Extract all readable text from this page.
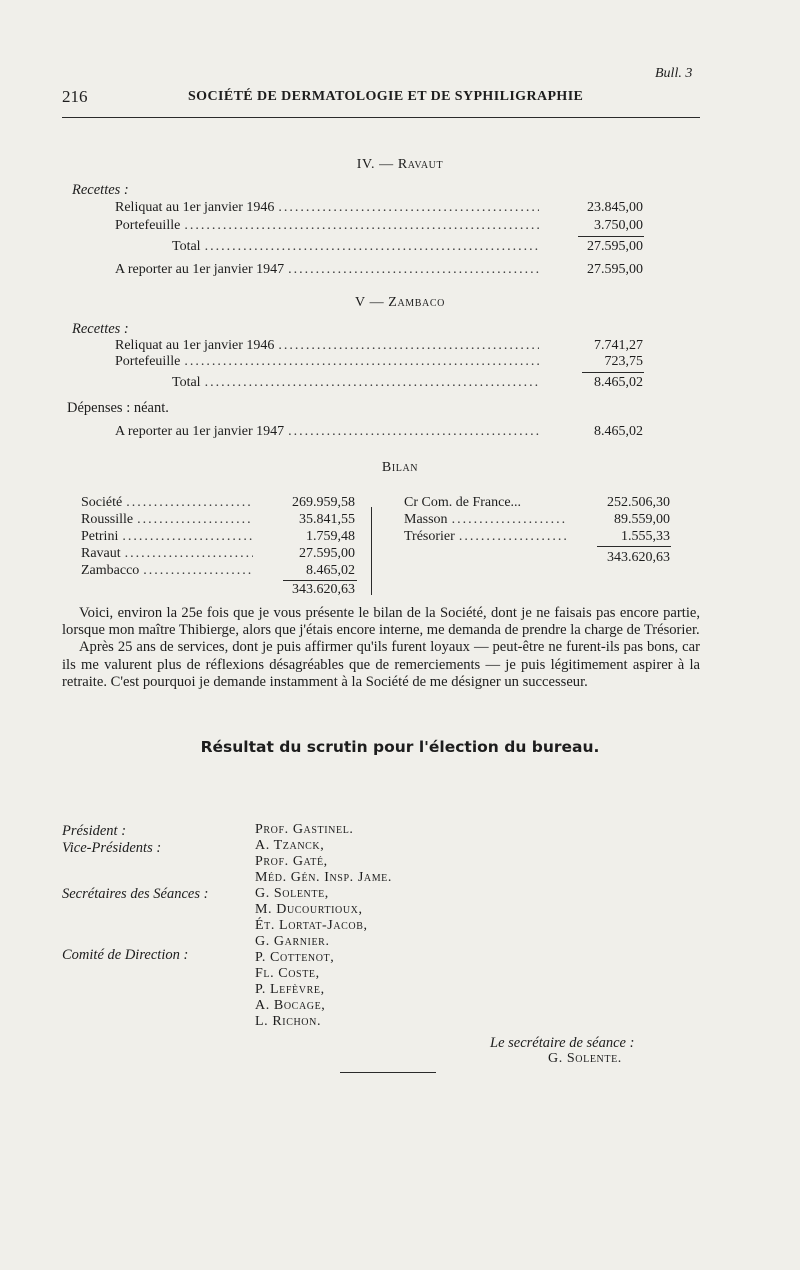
Bull. 3
216	SOCIÉTÉ DE DERMATOLOGIE ET DE SYPHILIGRAPHIE
IV. — Ravaut
Recettes :
Reliquat au 1er janvier 1946 .....	23.845,00
Portefeuille .....	3.750,00
Total .....	27.595,00
A reporter au 1er janvier 1947 .....	27.595,00
V — Zambaco
Recettes :
Reliquat au 1er janvier 1946 .....	7.741,27
Portefeuille .....	723,75
Total .....	8.465,02
Dépenses : néant.
A reporter au 1er janvier 1947 .....	8.465,02
Bilan
Société .....	269.959,58
Roussille .....	35.841,55
Petrini .....	1.759,48
Ravaut .....	27.595,00
Zambacco .....	8.465,02
343.620,63
Cr Com. de France...	252.506,30
Masson .....	89.559,00
Trésorier .....	1.555,33
343.620,63

Voici, environ la 25e fois que je vous présente le bilan de la Société, dont je ne faisais pas encore partie, lorsque mon maître Thibierge, alors que j'étais encore interne, me demanda de prendre la charge de Trésorier.

Après 25 ans de services, dont je puis affirmer qu'ils furent loyaux — peut-être ne furent-ils pas bons, car ils me valurent plus de réflexions désagréables que de remerciements — je puis légitimement aspirer à la retraite. C'est pourquoi je demande instamment à la Société de me désigner un successeur.

Résultat du scrutin pour l'élection du bureau.
Président :	Prof. Gastinel.
Vice-Présidents :	A. Tzanck,
Prof. Gaté,
Méd. Gén. Insp. Jame.
Secrétaires des Séances :	G. Solente,
M. Ducourtioux,
Ét. Lortat-Jacob,
G. Garnier.
Comité de Direction :	P. Cottenot,
Fl. Coste,
P. Lefèvre,
A. Bocage,
L. Richon.
Le secrétaire de séance :
G. Solente.
